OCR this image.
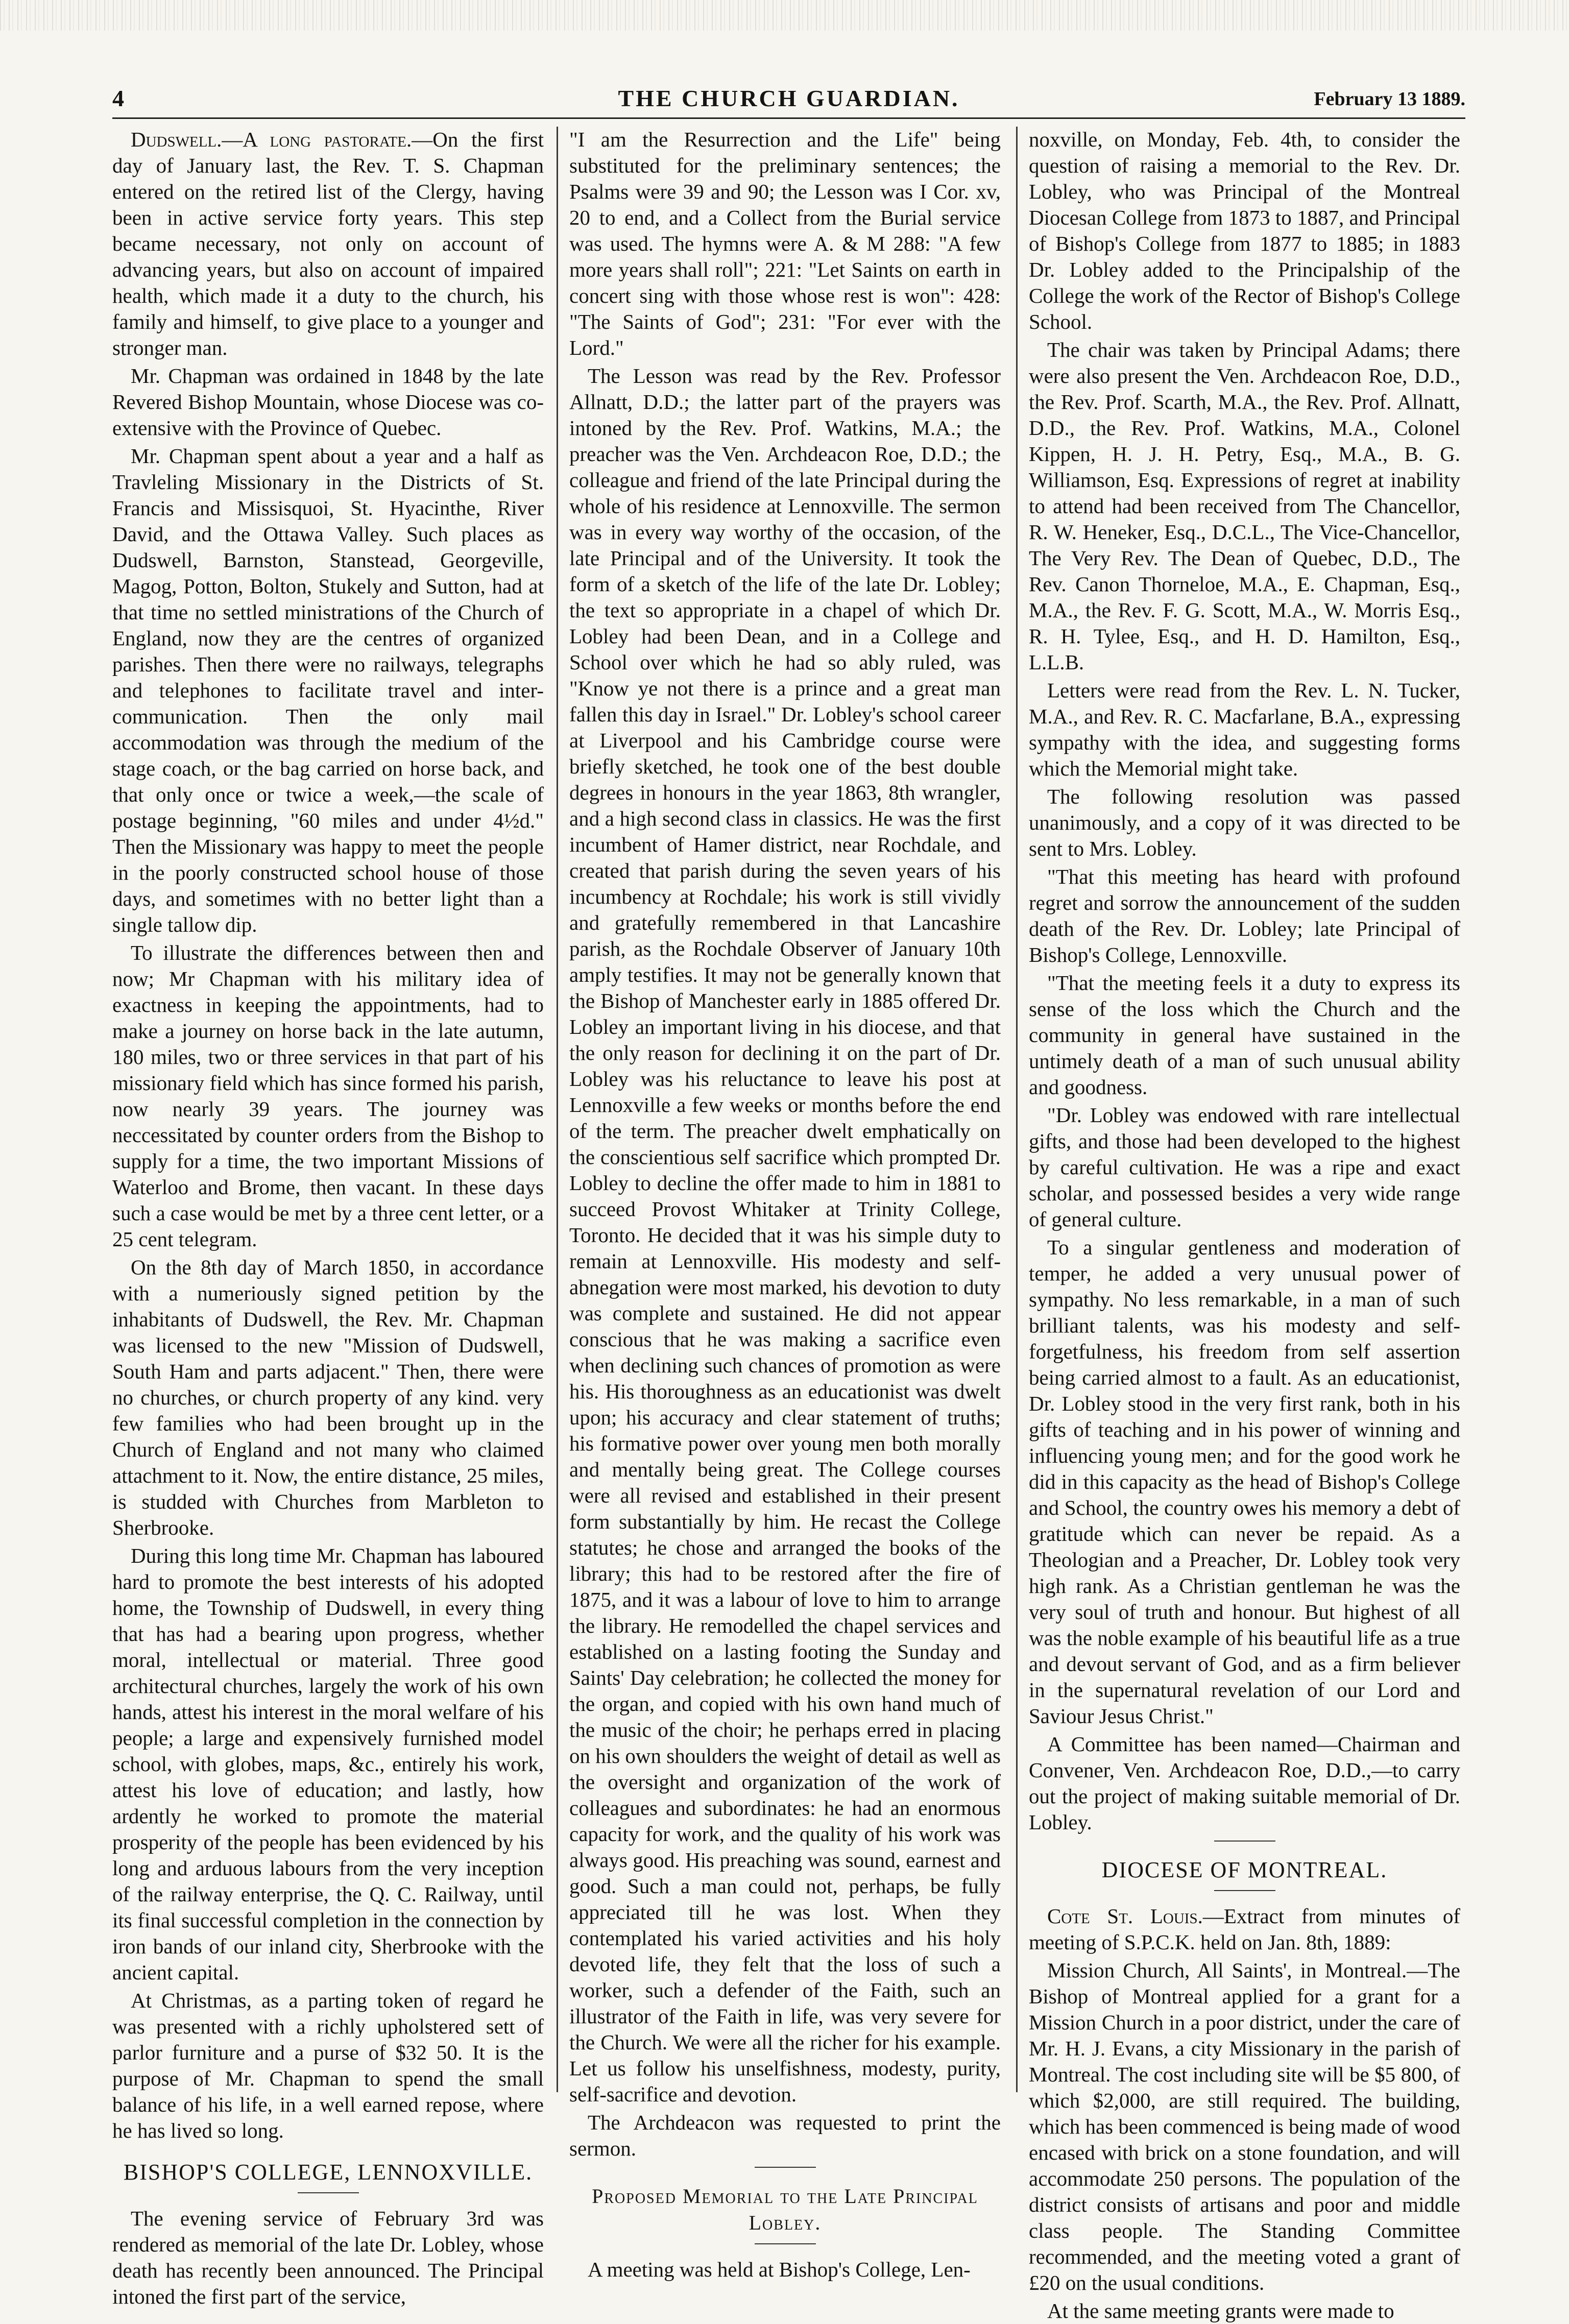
4	THE CHURCH GUARDIAN.	February 13 1889.

Dudswell.—A long pastorate.—On the first day of January last, the Rev. T. S. Chapman entered on the retired list of the Clergy, having been in active service forty years. This step became necessary, not only on account of advancing years, but also on account of impaired health, which made it a duty to the church, his family and himself, to give place to a younger and stronger man.

Mr. Chapman was ordained in 1848 by the late Revered Bishop Mountain, whose Diocese was co-extensive with the Province of Quebec.

Mr. Chapman spent about a year and a half as Travleling Missionary in the Districts of St. Francis and Missisquoi, St. Hyacinthe, River David, and the Ottawa Valley. Such places as Dudswell, Barnston, Stanstead, Georgeville, Magog, Potton, Bolton, Stukely and Sutton, had at that time no settled ministrations of the Church of England, now they are the centres of organized parishes. Then there were no railways, telegraphs and telephones to facilitate travel and inter-communication. Then the only mail accommodation was through the medium of the stage coach, or the bag carried on horse back, and that only once or twice a week,—the scale of postage beginning, "60 miles and under 4½d." Then the Missionary was happy to meet the people in the poorly constructed school house of those days, and sometimes with no better light than a single tallow dip.

To illustrate the differences between then and now; Mr Chapman with his military idea of exactness in keeping the appointments, had to make a journey on horse back in the late autumn, 180 miles, two or three services in that part of his missionary field which has since formed his parish, now nearly 39 years. The journey was neccessitated by counter orders from the Bishop to supply for a time, the two important Missions of Waterloo and Brome, then vacant. In these days such a case would be met by a three cent letter, or a 25 cent telegram.

On the 8th day of March 1850, in accordance with a numeriously signed petition by the inhabitants of Dudswell, the Rev. Mr. Chapman was licensed to the new "Mission of Dudswell, South Ham and parts adjacent." Then, there were no churches, or church property of any kind. very few families who had been brought up in the Church of England and not many who claimed attachment to it. Now, the entire distance, 25 miles, is studded with Churches from Marbleton to Sherbrooke.

During this long time Mr. Chapman has laboured hard to promote the best interests of his adopted home, the Township of Dudswell, in every thing that has had a bearing upon progress, whether moral, intellectual or material. Three good architectural churches, largely the work of his own hands, attest his interest in the moral welfare of his people; a large and expensively furnished model school, with globes, maps, &c., entirely his work, attest his love of education; and lastly, how ardently he worked to promote the material prosperity of the people has been evidenced by his long and arduous labours from the very inception of the railway enterprise, the Q. C. Railway, until its final successful completion in the connection by iron bands of our inland city, Sherbrooke with the ancient capital.

At Christmas, as a parting token of regard he was presented with a richly upholstered sett of parlor furniture and a purse of $32 50. It is the purpose of Mr. Chapman to spend the small balance of his life, in a well earned repose, where he has lived so long.

BISHOP'S COLLEGE, LENNOXVILLE.

The evening service of February 3rd was rendered as memorial of the late Dr. Lobley, whose death has recently been announced. The Principal intoned the first part of the service,

"I am the Resurrection and the Life" being substituted for the preliminary sentences; the Psalms were 39 and 90; the Lesson was I Cor. xv, 20 to end, and a Collect from the Burial service was used. The hymns were A. & M 288: "A few more years shall roll"; 221: "Let Saints on earth in concert sing with those whose rest is won": 428: "The Saints of God"; 231: "For ever with the Lord."

The Lesson was read by the Rev. Professor Allnatt, D.D.; the latter part of the prayers was intoned by the Rev. Prof. Watkins, M.A.; the preacher was the Ven. Archdeacon Roe, D.D.; the colleague and friend of the late Principal during the whole of his residence at Lennoxville. The sermon was in every way worthy of the occasion, of the late Principal and of the University. It took the form of a sketch of the life of the late Dr. Lobley; the text so appropriate in a chapel of which Dr. Lobley had been Dean, and in a College and School over which he had so ably ruled, was "Know ye not there is a prince and a great man fallen this day in Israel." Dr. Lobley's school career at Liverpool and his Cambridge course were briefly sketched, he took one of the best double degrees in honours in the year 1863, 8th wrangler, and a high second class in classics. He was the first incumbent of Hamer district, near Rochdale, and created that parish during the seven years of his incumbency at Rochdale; his work is still vividly and gratefully remembered in that Lancashire parish, as the Rochdale Observer of January 10th amply testifies. It may not be generally known that the Bishop of Manchester early in 1885 offered Dr. Lobley an important living in his diocese, and that the only reason for declining it on the part of Dr. Lobley was his reluctance to leave his post at Lennoxville a few weeks or months before the end of the term. The preacher dwelt emphatically on the conscientious self sacrifice which prompted Dr. Lobley to decline the offer made to him in 1881 to succeed Provost Whitaker at Trinity College, Toronto. He decided that it was his simple duty to remain at Lennoxville. His modesty and self-abnegation were most marked, his devotion to duty was complete and sustained. He did not appear conscious that he was making a sacrifice even when declining such chances of promotion as were his. His thoroughness as an educationist was dwelt upon; his accuracy and clear statement of truths; his formative power over young men both morally and mentally being great. The College courses were all revised and established in their present form substantially by him. He recast the College statutes; he chose and arranged the books of the library; this had to be restored after the fire of 1875, and it was a labour of love to him to arrange the library. He remodelled the chapel services and established on a lasting footing the Sunday and Saints' Day celebration; he collected the money for the organ, and copied with his own hand much of the music of the choir; he perhaps erred in placing on his own shoulders the weight of detail as well as the oversight and organization of the work of colleagues and subordinates: he had an enormous capacity for work, and the quality of his work was always good. His preaching was sound, earnest and good. Such a man could not, perhaps, be fully appreciated till he was lost. When they contemplated his varied activities and his holy devoted life, they felt that the loss of such a worker, such a defender of the Faith, such an illustrator of the Faith in life, was very severe for the Church. We were all the richer for his example. Let us follow his unselfishness, modesty, purity, self-sacrifice and devotion.

The Archdeacon was requested to print the sermon.

Proposed Memorial to the Late Principal Lobley.

A meeting was held at Bishop's College, Len-

noxville, on Monday, Feb. 4th, to consider the question of raising a memorial to the Rev. Dr. Lobley, who was Principal of the Montreal Diocesan College from 1873 to 1887, and Principal of Bishop's College from 1877 to 1885; in 1883 Dr. Lobley added to the Principalship of the College the work of the Rector of Bishop's College School.

The chair was taken by Principal Adams; there were also present the Ven. Archdeacon Roe, D.D., the Rev. Prof. Scarth, M.A., the Rev. Prof. Allnatt, D.D., the Rev. Prof. Watkins, M.A., Colonel Kippen, H. J. H. Petry, Esq., M.A., B. G. Williamson, Esq. Expressions of regret at inability to attend had been received from The Chancellor, R. W. Heneker, Esq., D.C.L., The Vice-Chancellor, The Very Rev. The Dean of Quebec, D.D., The Rev. Canon Thorneloe, M.A., E. Chapman, Esq., M.A., the Rev. F. G. Scott, M.A., W. Morris Esq., R. H. Tylee, Esq., and H. D. Hamilton, Esq., L.L.B.

Letters were read from the Rev. L. N. Tucker, M.A., and Rev. R. C. Macfarlane, B.A., expressing sympathy with the idea, and suggesting forms which the Memorial might take.

The following resolution was passed unanimously, and a copy of it was directed to be sent to Mrs. Lobley.

"That this meeting has heard with profound regret and sorrow the announcement of the sudden death of the Rev. Dr. Lobley; late Principal of Bishop's College, Lennoxville.

"That the meeting feels it a duty to express its sense of the loss which the Church and the community in general have sustained in the untimely death of a man of such unusual ability and goodness.

"Dr. Lobley was endowed with rare intellectual gifts, and those had been developed to the highest by careful cultivation. He was a ripe and exact scholar, and possessed besides a very wide range of general culture.

To a singular gentleness and moderation of temper, he added a very unusual power of sympathy. No less remarkable, in a man of such brilliant talents, was his modesty and self-forgetfulness, his freedom from self assertion being carried almost to a fault. As an educationist, Dr. Lobley stood in the very first rank, both in his gifts of teaching and in his power of winning and influencing young men; and for the good work he did in this capacity as the head of Bishop's College and School, the country owes his memory a debt of gratitude which can never be repaid. As a Theologian and a Preacher, Dr. Lobley took very high rank. As a Christian gentleman he was the very soul of truth and honour. But highest of all was the noble example of his beautiful life as a true and devout servant of God, and as a firm believer in the supernatural revelation of our Lord and Saviour Jesus Christ."

A Committee has been named—Chairman and Convener, Ven. Archdeacon Roe, D.D.,—to carry out the project of making suitable memorial of Dr. Lobley.

DIOCESE OF MONTREAL.

Cote St. Louis.—Extract from minutes of meeting of S.P.C.K. held on Jan. 8th, 1889:

Mission Church, All Saints', in Montreal.—The Bishop of Montreal applied for a grant for a Mission Church in a poor district, under the care of Mr. H. J. Evans, a city Missionary in the parish of Montreal. The cost including site will be $5 800, of which $2,000, are still required. The building, which has been commenced is being made of wood encased with brick on a stone foundation, and will accommodate 250 persons. The population of the district consists of artisans and poor and middle class people. The Standing Committee recommended, and the meeting voted a grant of £20 on the usual conditions.

At the same meeting grants were made to
